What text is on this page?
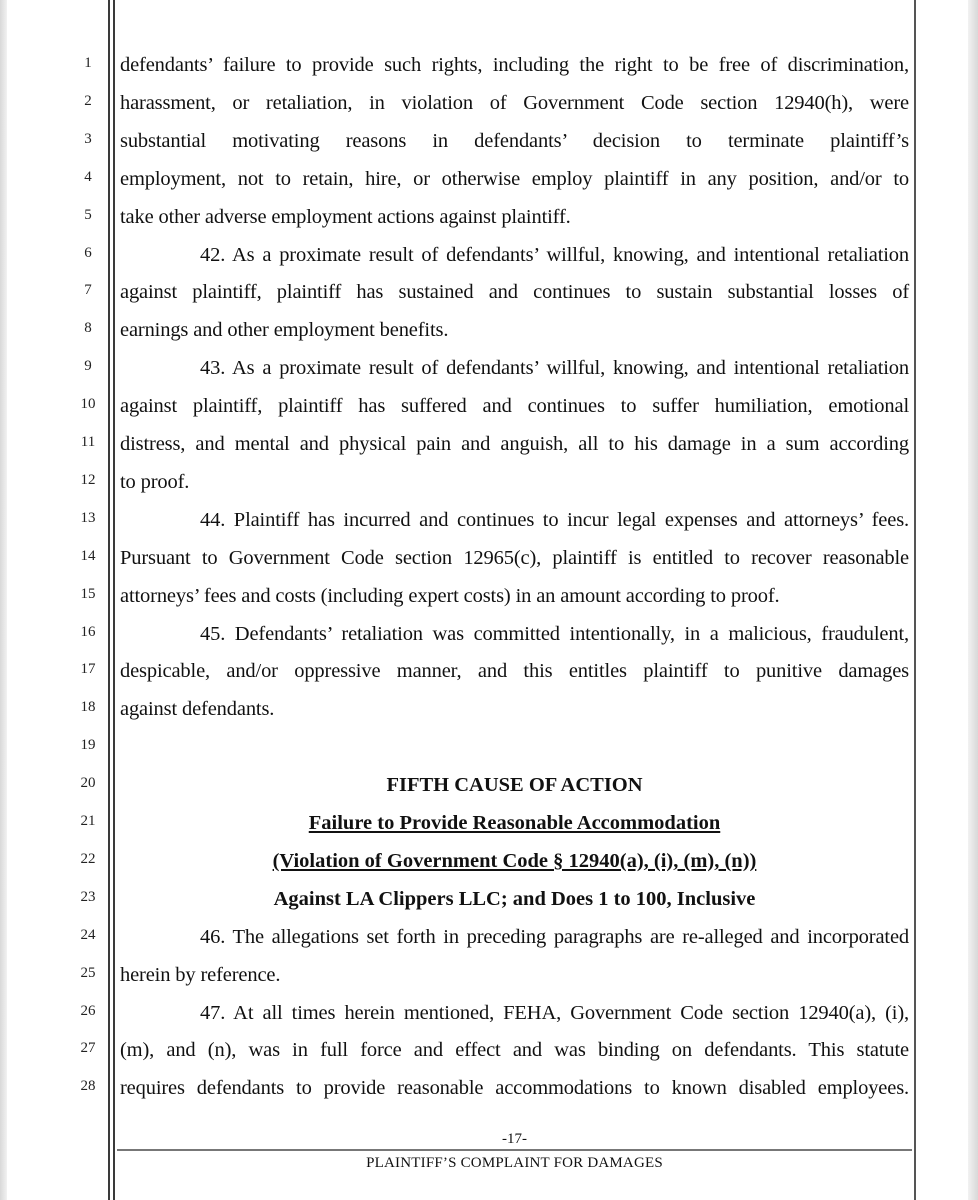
1
2
3
4
5
6
7
8
9
10
11
12
13
14
15
16
17
18
19
20
21
22
23
24
25
26
27
28
defendants’ failure to provide such rights, including the right to be free of discrimination,
harassment, or retaliation, in violation of Government Code section 12940(h), were
substantial motivating reasons in defendants’ decision to terminate plaintiff’s
employment, not to retain, hire, or otherwise employ plaintiff in any position, and/or to
take other adverse employment actions against plaintiff.
42. As a proximate result of defendants’ willful, knowing, and intentional retaliation
against plaintiff, plaintiff has sustained and continues to sustain substantial losses of
earnings and other employment benefits.
43. As a proximate result of defendants’ willful, knowing, and intentional retaliation
against plaintiff, plaintiff has suffered and continues to suffer humiliation, emotional
distress, and mental and physical pain and anguish, all to his damage in a sum according
to proof.
44. Plaintiff has incurred and continues to incur legal expenses and attorneys’ fees.
Pursuant to Government Code section 12965(c), plaintiff is entitled to recover reasonable
attorneys’ fees and costs (including expert costs) in an amount according to proof.
45. Defendants’ retaliation was committed intentionally, in a malicious, fraudulent,
despicable, and/or oppressive manner, and this entitles plaintiff to punitive damages
against defendants.
FIFTH CAUSE OF ACTION
Failure to Provide Reasonable Accommodation
(Violation of Government Code § 12940(a), (i), (m), (n))
Against LA Clippers LLC; and Does 1 to 100, Inclusive
46. The allegations set forth in preceding paragraphs are re-alleged and incorporated
herein by reference.
47. At all times herein mentioned, FEHA, Government Code section 12940(a), (i),
(m), and (n), was in full force and effect and was binding on defendants. This statute
requires defendants to provide reasonable accommodations to known disabled employees.
-17-
PLAINTIFF’S COMPLAINT FOR DAMAGES
